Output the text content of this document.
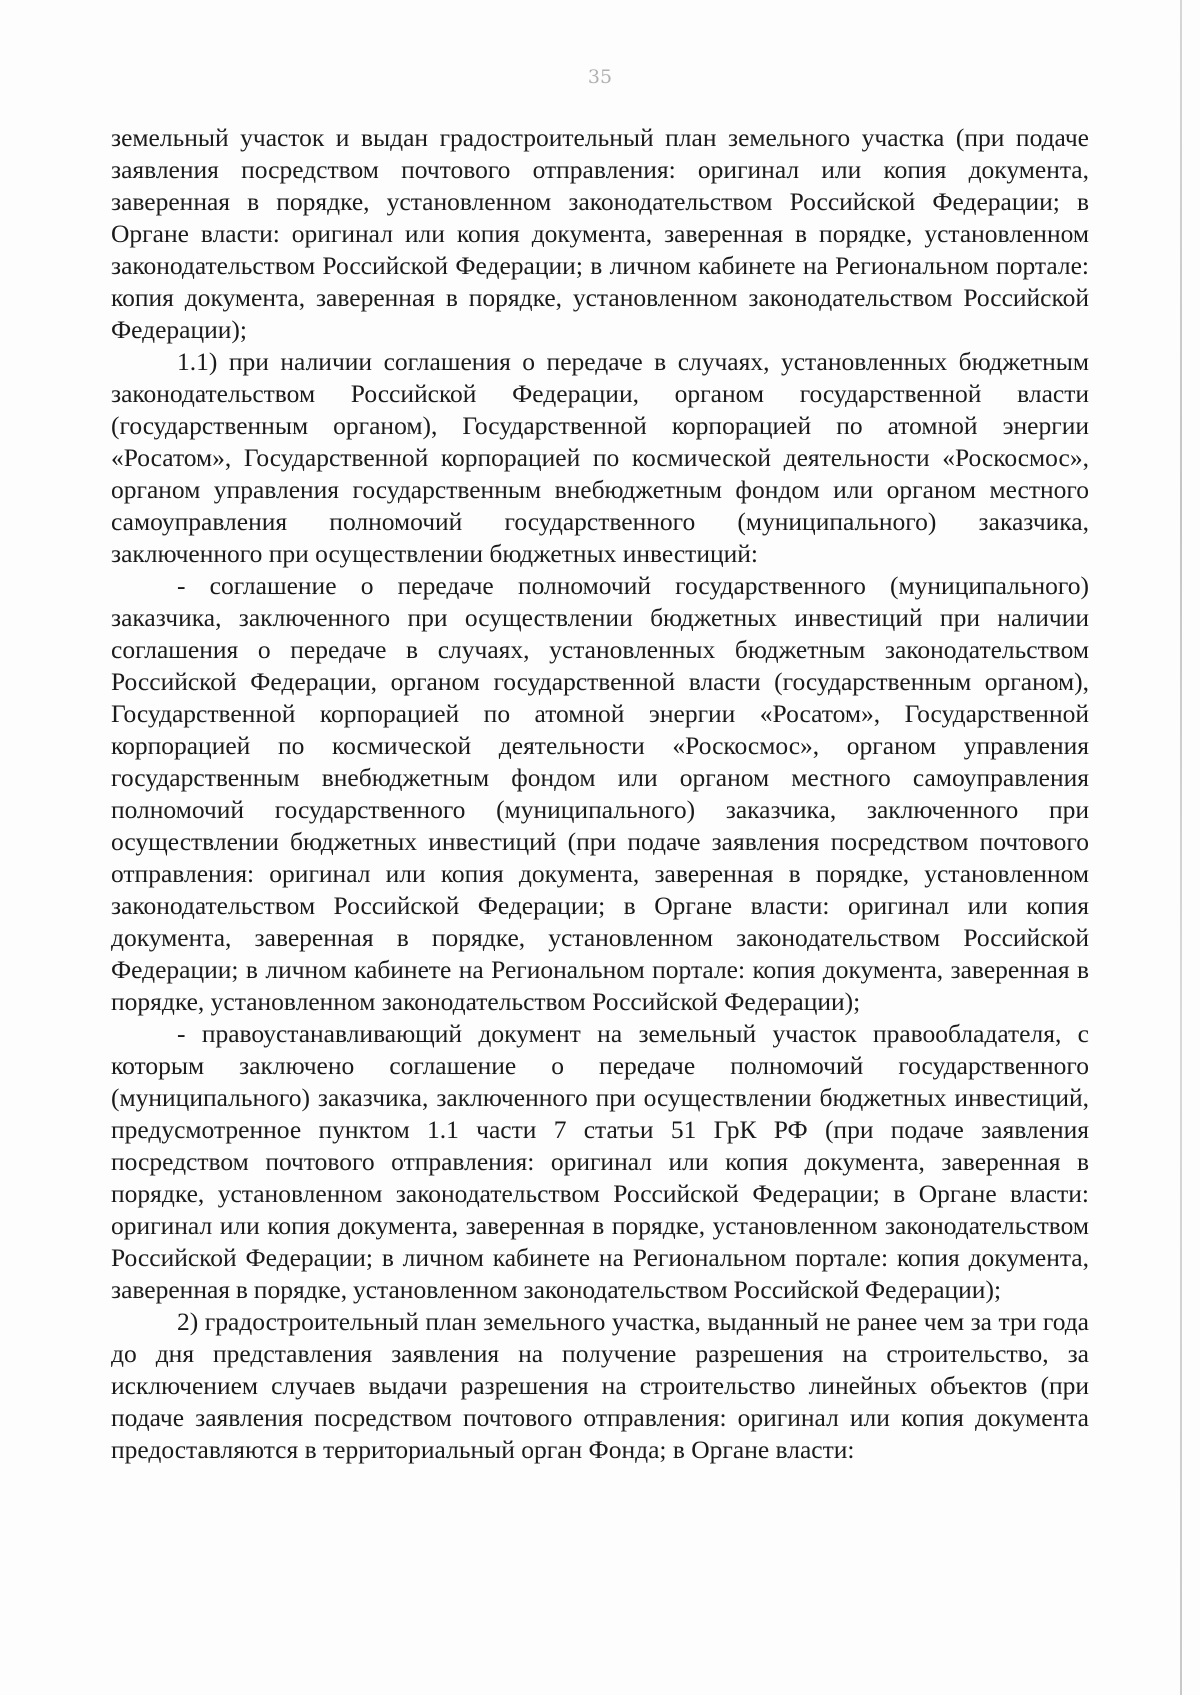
35

земельный участок и выдан градостроительный план земельного участка (при подаче заявления посредством почтового отправления: оригинал или копия документа, заверенная в порядке, установленном законодательством Российской Федерации; в Органе власти: оригинал или копия документа, заверенная в порядке, установленном законодательством Российской Федерации; в личном кабинете на Региональном портале: копия документа, заверенная в порядке, установленном законодательством Российской Федерации);

1.1) при наличии соглашения о передаче в случаях, установленных бюджетным законодательством Российской Федерации, органом государственной власти (государственным органом), Государственной корпорацией по атомной энергии «Росатом», Государственной корпорацией по космической деятельности «Роскосмос», органом управления государственным внебюджетным фондом или органом местного самоуправления полномочий государственного (муниципального) заказчика, заключенного при осуществлении бюджетных инвестиций:

- соглашение о передаче полномочий государственного (муниципального) заказчика, заключенного при осуществлении бюджетных инвестиций при наличии соглашения о передаче в случаях, установленных бюджетным законодательством Российской Федерации, органом государственной власти (государственным органом), Государственной корпорацией по атомной энергии «Росатом», Государственной корпорацией по космической деятельности «Роскосмос», органом управления государственным внебюджетным фондом или органом местного самоуправления полномочий государственного (муниципального) заказчика, заключенного при осуществлении бюджетных инвестиций (при подаче заявления посредством почтового отправления: оригинал или копия документа, заверенная в порядке, установленном законодательством Российской Федерации; в Органе власти: оригинал или копия документа, заверенная в порядке, установленном законодательством Российской Федерации; в личном кабинете на Региональном портале: копия документа, заверенная в порядке, установленном законодательством Российской Федерации);

- правоустанавливающий документ на земельный участок правообладателя, с которым заключено соглашение о передаче полномочий государственного (муниципального) заказчика, заключенного при осуществлении бюджетных инвестиций, предусмотренное пунктом 1.1 части 7 статьи 51 ГрК РФ (при подаче заявления посредством почтового отправления: оригинал или копия документа, заверенная в порядке, установленном законодательством Российской Федерации; в Органе власти: оригинал или копия документа, заверенная в порядке, установленном законодательством Российской Федерации; в личном кабинете на Региональном портале: копия документа, заверенная в порядке, установленном законодательством Российской Федерации);

2) градостроительный план земельного участка, выданный не ранее чем за три года до дня представления заявления на получение разрешения на строительство, за исключением случаев выдачи разрешения на строительство линейных объектов (при подаче заявления посредством почтового отправления: оригинал или копия документа предоставляются в территориальный орган Фонда; в Органе власти:
